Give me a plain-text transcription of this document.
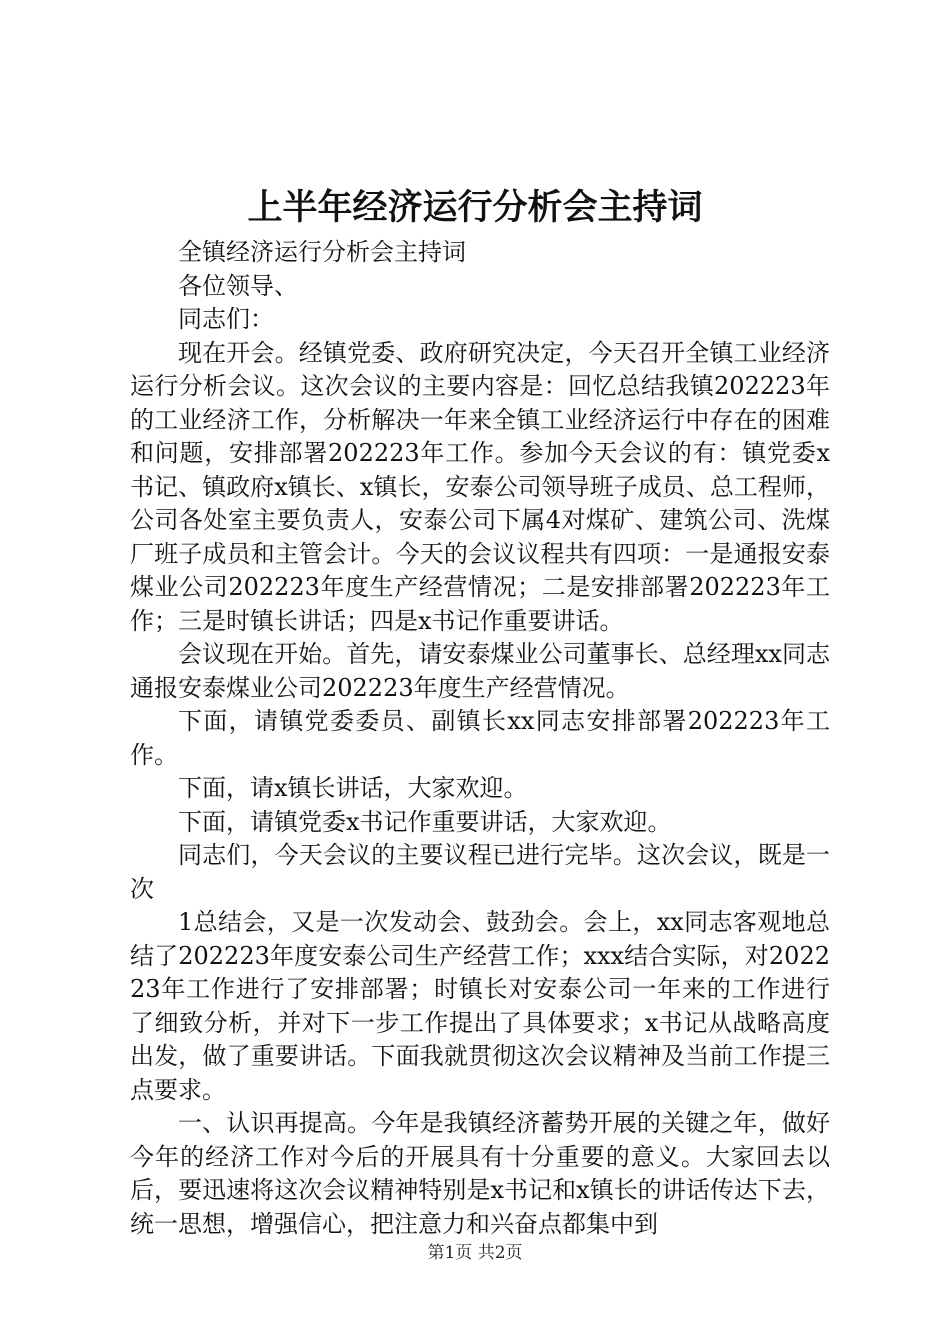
上半年经济运行分析会主持词

全镇经济运行分析会主持词

各位领导、

同志们：

现在开会。经镇党委、政府研究决定，今天召开全镇工业经济运行分析会议。这次会议的主要内容是：回忆总结我镇202223年的工业经济工作，分析解决一年来全镇工业经济运行中存在的困难和问题，安排部署202223年工作。参加今天会议的有：镇党委x书记、镇政府x镇长、x镇长，安泰公司领导班子成员、总工程师，公司各处室主要负责人，安泰公司下属4对煤矿、建筑公司、洗煤厂班子成员和主管会计。今天的会议议程共有四项：一是通报安泰煤业公司202223年度生产经营情况；二是安排部署202223年工作；三是时镇长讲话；四是x书记作重要讲话。

会议现在开始。首先，请安泰煤业公司董事长、总经理xx同志通报安泰煤业公司202223年度生产经营情况。

下面，请镇党委委员、副镇长xx同志安排部署202223年工作。

下面，请x镇长讲话，大家欢迎。

下面，请镇党委x书记作重要讲话，大家欢迎。

同志们，今天会议的主要议程已进行完毕。这次会议，既是一次

1总结会，又是一次发动会、鼓劲会。会上，xx同志客观地总结了202223年度安泰公司生产经营工作；xxx结合实际，对202223年工作进行了安排部署；时镇长对安泰公司一年来的工作进行了细致分析，并对下一步工作提出了具体要求；x书记从战略高度出发，做了重要讲话。下面我就贯彻这次会议精神及当前工作提三点要求。

一、认识再提高。今年是我镇经济蓄势开展的关键之年，做好今年的经济工作对今后的开展具有十分重要的意义。大家回去以后，要迅速将这次会议精神特别是x书记和x镇长的讲话传达下去，统一思想，增强信心，把注意力和兴奋点都集中到

第1页 共2页
